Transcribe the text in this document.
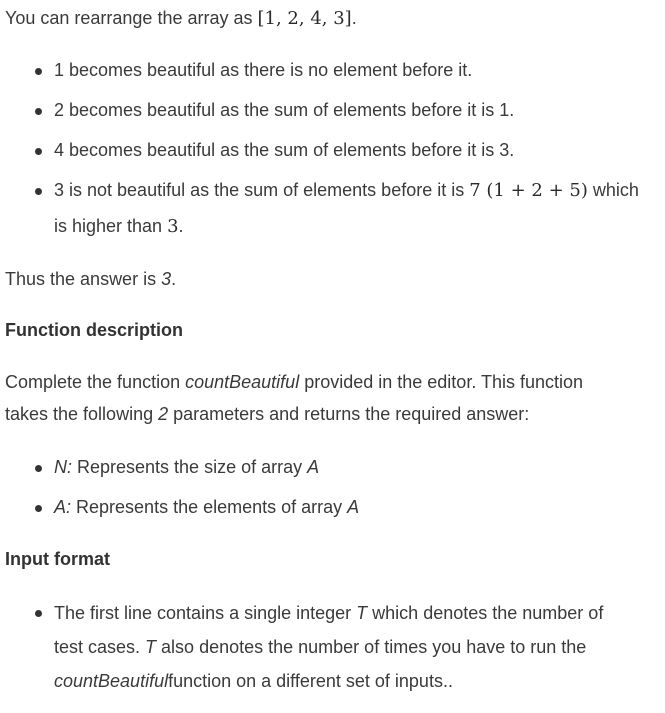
You can rearrange the array as [1, 2, 4, 3].

1 becomes beautiful as there is no element before it.

2 becomes beautiful as the sum of elements before it is 1.

4 becomes beautiful as the sum of elements before it is 3.

3 is not beautiful as the sum of elements before it is 7 (1 + 2 + 5) which

is higher than 3.

Thus the answer is 3.

Function description

Complete the function countBeautiful provided in the editor. This function
takes the following 2 parameters and returns the required answer:

N: Represents the size of array A

A: Represents the elements of array A

Input format

The first line contains a single integer T which denotes the number of
test cases. T also denotes the number of times you have to run the
countBeautifulfunction on a different set of inputs..
